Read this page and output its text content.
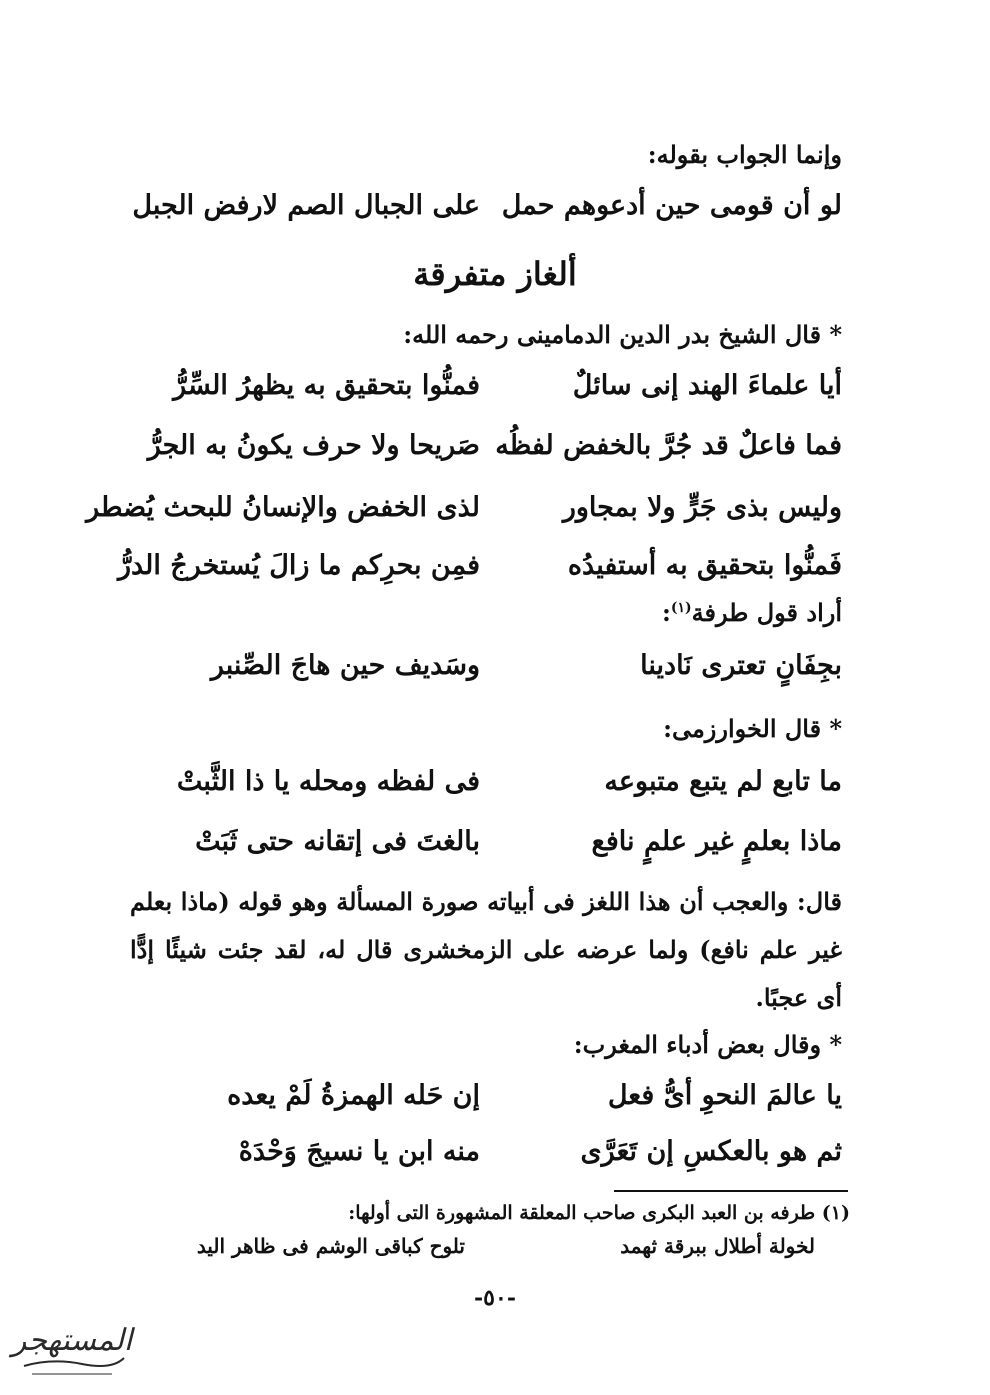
وإنما الجواب بقوله:
لو أن قومى حين أدعوهم حمل
على الجبال الصم لارفض الجبل
ألغاز متفرقة
* قال الشيخ بدر الدين الدمامينى رحمه الله:
أيا علماءَ الهند إنى سائلٌ
فمنُّوا بتحقيق به يظهرُ السِّرُّ
فما فاعلٌ قد جُرَّ بالخفض لفظُه
صَريحا ولا حرف يكونُ به الجرُّ
وليس بذى جَرٍّ ولا بمجاور
لذى الخفض والإنسانُ للبحث يُضطر
فَمنُّوا بتحقيق به أستفيدُه
فمِن بحرِكم ما زالَ يُستخرجُ الدرُّ
أراد قول طرفة$^{(١)}$:
بجِفَانٍ تعترى نَادينا
وسَديف حين هاجَ الصِّنبر
* قال الخوارزمى:
ما تابع لم يتبع متبوعه
فى لفظه ومحله يا ذا الثَّبتْ
ماذا بعلمٍ غير علمٍ نافع
بالغتَ فى إتقانه حتى ثَبَتْ
قال: والعجب أن هذا اللغز فى أبياته صورة المسألة وهو قوله (ماذا بعلم غير علم نافع) ولما عرضه على الزمخشرى قال له، لقد جئت شيئًا إدًّا أى عجبًا.
* وقال بعض أدباء المغرب:
يا عالمَ النحوِ أىُّ فعل
إن حَله الهمزةُ لَمْ يعده
ثم هو بالعكسِ إن تَعَرَّى
منه ابن يا نسيجَ وَحْدَهْ
(١) طرفه بن العبد البكرى صاحب المعلقة المشهورة التى أولها:
لخولة أطلال ببرقة ثهمد
تلوح كباقى الوشم فى ظاهر اليد
-٥٠-
المستهجر
